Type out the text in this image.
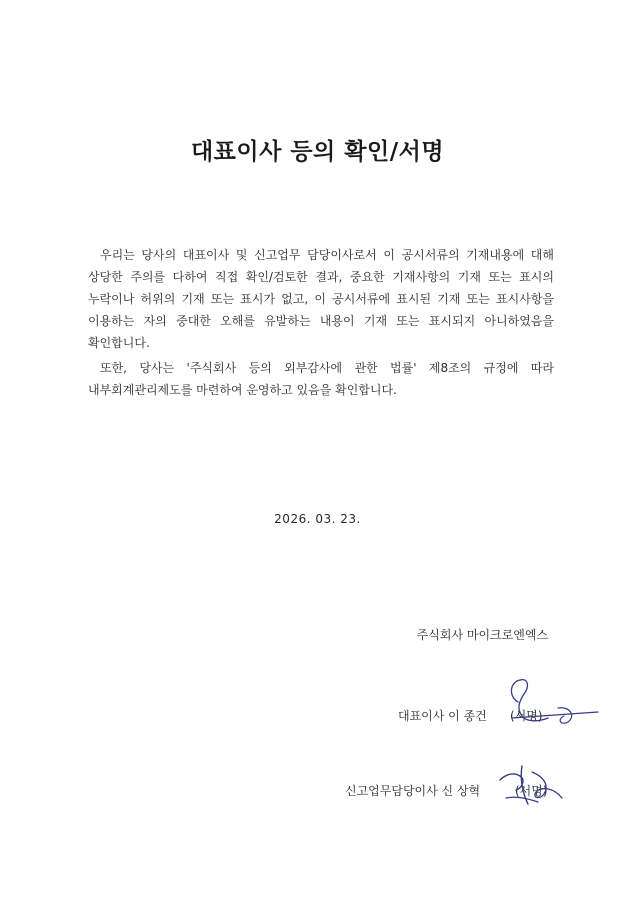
대표이사 등의 확인/서명
우리는 당사의 대표이사 및 신고업무 담당이사로서 이 공시서류의 기재내용에 대해 상당한 주의를 다하여 직접 확인/검토한 결과, 중요한 기재사항의 기재 또는 표시의 누락이나 허위의 기재 또는 표시가 없고, 이 공시서류에 표시된 기재 또는 표시사항을 이용하는 자의 중대한 오해를 유발하는 내용이 기재 또는 표시되지 아니하였음을 확인합니다.
또한, 당사는 '주식회사 등의 외부감사에 관한 법률' 제8조의 규정에 따라 내부회계관리제도를 마련하여 운영하고 있음을 확인합니다.
2026. 03. 23.
주식회사 마이크로엔엑스
대표이사 이 종건 (서명)
신고업무담당이사 신 상혁	(서명)
